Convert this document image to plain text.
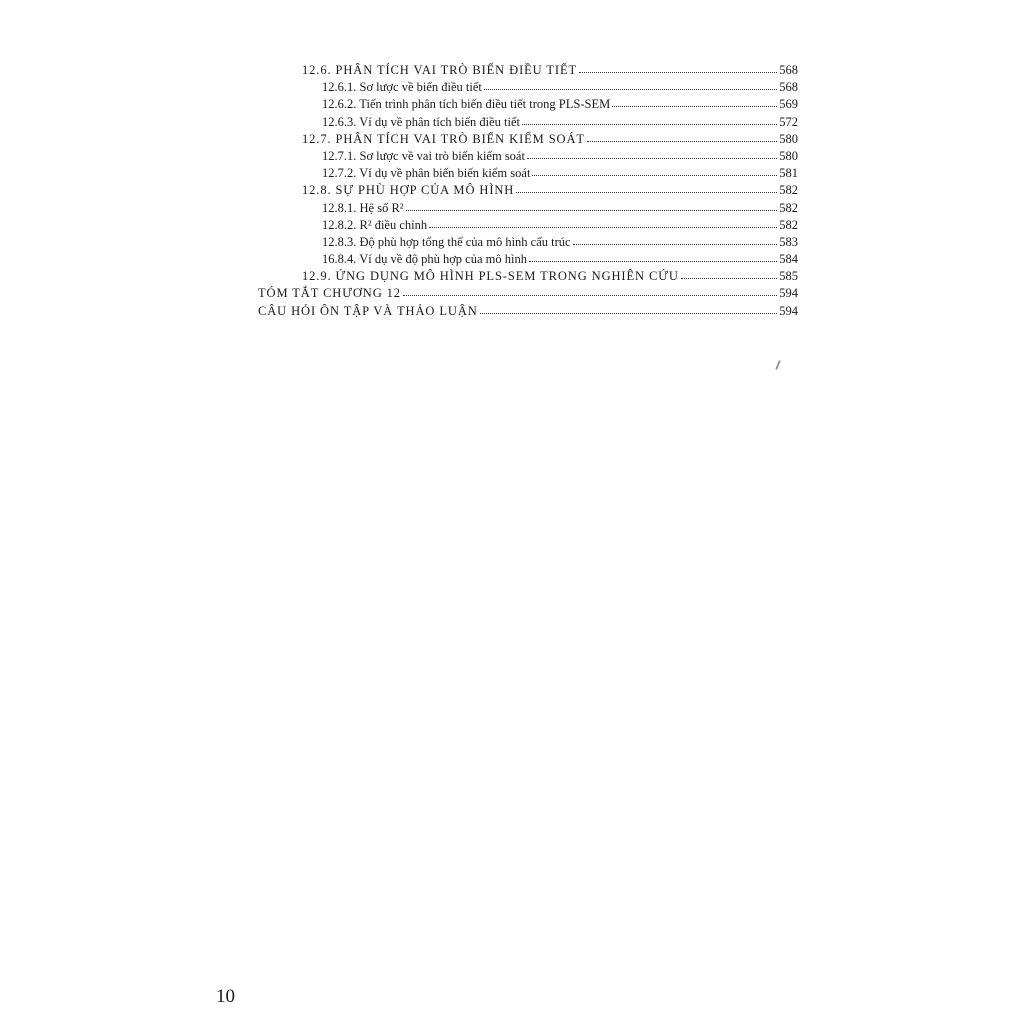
12.6. PHÂN TÍCH VAI TRÒ BIẾN ĐIỀU TIẾT	568
12.6.1. Sơ lược về biến điều tiết	568
12.6.2. Tiến trình phân tích biến điều tiết trong PLS-SEM	569
12.6.3. Ví dụ về phân tích biến điều tiết	572
12.7. PHÂN TÍCH VAI TRÒ BIẾN KIỂM SOÁT	580
12.7.1. Sơ lược về vai trò biến kiểm soát	580
12.7.2. Ví dụ về phân biến biến kiểm soát	581
12.8. SỰ PHÙ HỢP CỦA MÔ HÌNH	582
12.8.1. Hệ số R²	582
12.8.2. R² điều chỉnh	582
12.8.3. Độ phù hợp tổng thể của mô hình cấu trúc	583
16.8.4. Ví dụ về độ phù hợp của mô hình	584
12.9. ỨNG DỤNG MÔ HÌNH PLS-SEM TRONG NGHIÊN CỨU	585
TÓM TẮT CHƯƠNG 12	594
CÂU HỎI ÔN TẬP VÀ THẢO LUẬN	594
10
